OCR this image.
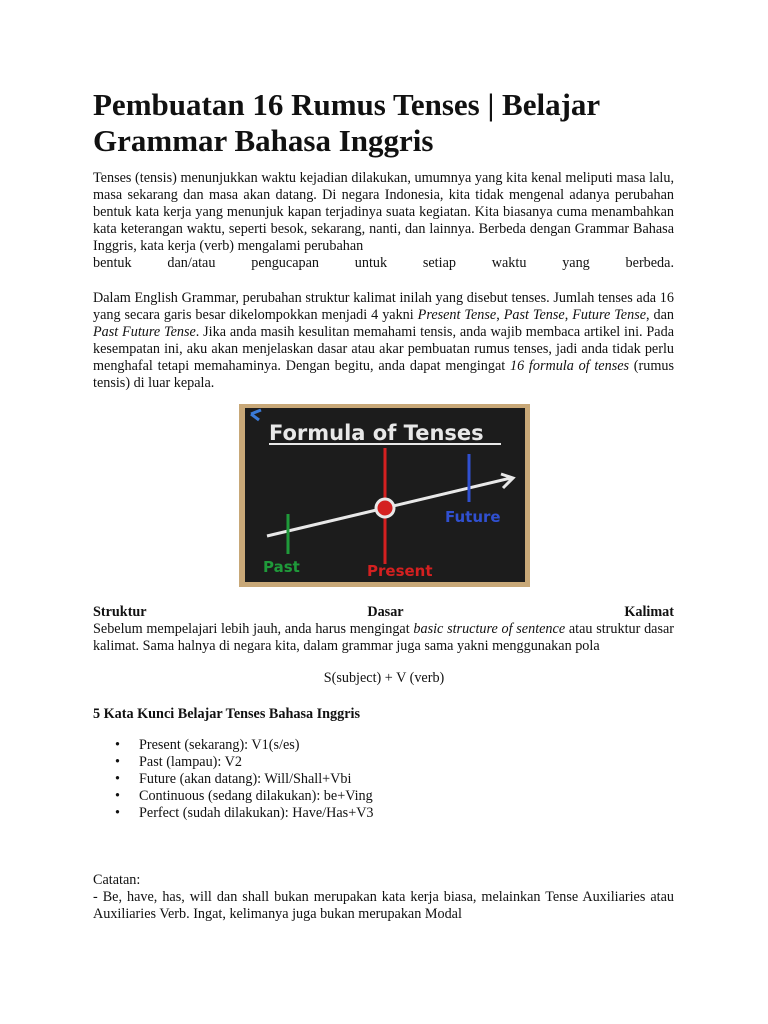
Pembuatan 16 Rumus Tenses | Belajar Grammar Bahasa Inggris
Tenses (tensis) menunjukkan waktu kejadian dilakukan, umumnya yang kita kenal meliputi masa lalu, masa sekarang dan masa akan datang. Di negara Indonesia, kita tidak mengenal adanya perubahan bentuk kata kerja yang menunjuk kapan terjadinya suata kegiatan. Kita biasanya cuma menambahkan kata keterangan waktu, seperti besok, sekarang, nanti, dan lainnya. Berbeda dengan Grammar Bahasa Inggris, kata kerja (verb) mengalami perubahan
bentuk dan/atau pengucapan untuk setiap waktu yang berbeda.

Dalam English Grammar, perubahan struktur kalimat inilah yang disebut tenses. Jumlah tenses ada 16 yang secara garis besar dikelompokkan menjadi 4 yakni Present Tense, Past Tense, Future Tense, dan Past Future Tense. Jika anda masih kesulitan memahami tensis, anda wajib membaca artikel ini. Pada kesempatan ini, aku akan menjelaskan dasar atau akar pembuatan rumus tenses, jadi anda tidak perlu menghafal tetapi memahaminya. Dengan begitu, anda dapat mengingat 16 formula of tenses (rumus tensis) di luar kepala.

Formula of Tenses
Past	Present
Future
Struktur	Dasar	Kalimat

Sebelum mempelajari lebih jauh, anda harus mengingat basic structure of sentence atau struktur dasar kalimat. Sama halnya di negara kita, dalam grammar juga sama yakni menggunakan pola

S(subject) + V (verb)
5 Kata Kunci Belajar Tenses Bahasa Inggris
• Present (sekarang): V1(s/es)
• Past (lampau): V2
• Future (akan datang): Will/Shall+Vbi
• Continuous (sedang dilakukan): be+Ving
• Perfect (sudah dilakukan): Have/Has+V3
Catatan:

- Be, have, has, will dan shall bukan merupakan kata kerja biasa, melainkan Tense Auxiliaries atau Auxiliaries Verb. Ingat, kelimanya juga bukan merupakan Modal
